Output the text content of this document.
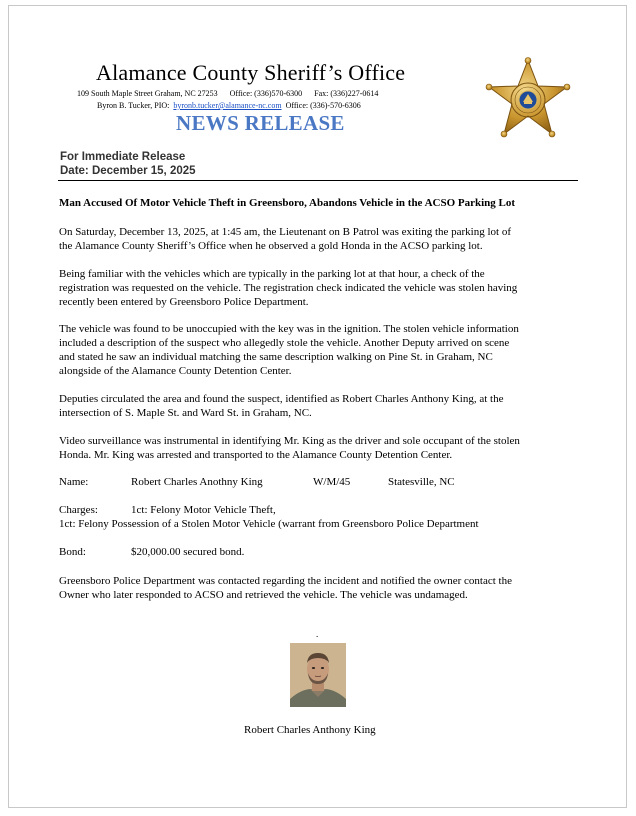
Alamance County Sheriff’s Office
109 South Maple Street Graham, NC 27253 Office: (336)570-6300 Fax: (336)227-0614
Byron B. Tucker, PIO: byronb.tucker@alamance-nc.com Office: (336)-570-6306
NEWS RELEASE
For Immediate Release
Date: December 15, 2025
Man Accused Of Motor Vehicle Theft in Greensboro, Abandons Vehicle in the ACSO Parking Lot

On Saturday, December 13, 2025, at 1:45 am, the Lieutenant on B Patrol was exiting the parking lot of

the Alamance County Sheriff’s Office when he observed a gold Honda in the ACSO parking lot.

Being familiar with the vehicles which are typically in the parking lot at that hour, a check of the

registration was requested on the vehicle. The registration check indicated the vehicle was stolen having

recently been entered by Greensboro Police Department.

The vehicle was found to be unoccupied with the key was in the ignition. The stolen vehicle information

included a description of the suspect who allegedly stole the vehicle. Another Deputy arrived on scene

and stated he saw an individual matching the same description walking on Pine St. in Graham, NC

alongside of the Alamance County Detention Center.

Deputies circulated the area and found the suspect, identified as Robert Charles Anthony King, at the

intersection of S. Maple St. and Ward St. in Graham, NC.

Video surveillance was instrumental in identifying Mr. King as the driver and sole occupant of the stolen

Honda. Mr. King was arrested and transported to the Alamance County Detention Center.

Name:	Robert Charles Anothny King	W/M/45	Statesville, NC
Charges:	1ct: Felony Motor Vehicle Theft,
1ct: Felony Possession of a Stolen Motor Vehicle (warrant from Greensboro Police Department
Bond:	$20,000.00 secured bond.

Greensboro Police Department was contacted regarding the incident and notified the owner contact the

Owner who later responded to ACSO and retrieved the vehicle. The vehicle was undamaged.

.
Robert Charles Anthony King
